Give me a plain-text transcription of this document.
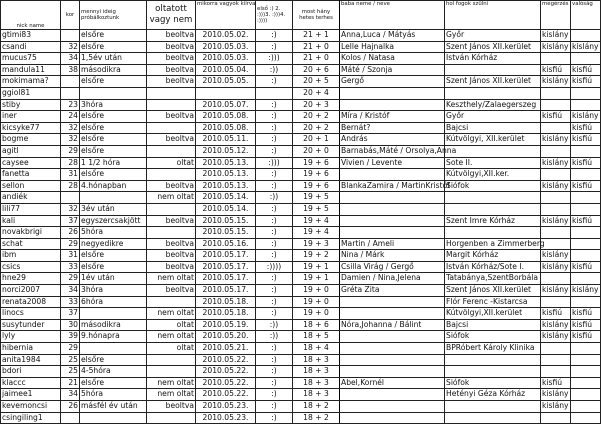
nick name	kor	mennyi ideig próbálkoztunk	oltatott vagy nem	mikorra vagyok kiírva	első :) 2. :)))3. :)))4. :))))	most hány hetes terhes	baba neme / neve	hol fogok szülni	megérzés	valóság
gtimi83		elsőre	beoltva	2010.05.02.	:)	21 + 1	Anna,Luca / Mátyás	Győr	kislány	
csandi	32	elsőre	beoltva	2010.05.03.	:)	21 + 0	Lelle Hajnalka	Szent János XII.kerület	kislány	kislány
mucus75	34	1,5év után	beoltva	2010.05.03.	:)))	21 + 0	Kolos / Natasa	István Kórház		
mandula11	38	másodikra	beoltva	2010.05.04.	:))	20 + 6	Máté / Szonja		kisfiú	kisfiú
mokimama?		elsőre	beoltva	2010.05.05.	:)	20 + 5	Gergő	Szent János XII.kerület	kislány	kisfiú
ggiol81						20 + 4				
stiby	23	3hóra		2010.05.07.	:)	20 + 3		Keszthely/Zalaegerszeg		
iner	24	elsőre	beoltva	2010.05.08.	:)	20 + 2	Míra / Kristóf	Győr	kisfiú	kislány
kicsyke77	32	elsőre		2010.05.08.	:)	20 + 2	Bernát?	Bajcsi		kisfiú
bogme	32	elsőre	beoltva	2010.05.11.	:)	20 + 1	András	Kútvölgyi, XII.kerület	kislány	kisfiú
agitl	29	elsőre		2010.05.12.	:)	20 + 0	Barnabás,Máté / Orsolya,Anna			
caysee	28	1 1/2 hóra	oltat	2010.05.13.	:)))	19 + 6	Vivien / Levente	Sote II.	kislány	kisfiú
fanetta	31	elsőre		2010.05.13.	:)	19 + 6		Kútvölgyi,XII.ker.		
sellon	28	4.hónapban	beoltva	2010.05.13.	:)	19 + 6	BlankaZamira / MartinKristóf	Siófok	kislány	kisfiú
andiék			nem oltat	2010.05.14.	:))	19 + 5				
lili77	32	3év után		2010.05.14.	:)	19 + 5				
kali	37	egyszercsakjött	beoltva	2010.05.15.	:)	19 + 4		Szent Imre Kórház	kislány	kisfiú
novakbrigi	26	5hóra		2010.05.15.	:)	19 + 4				
schat	29	negyedikre	beoltva	2010.05.16.	:)	19 + 3	Martin / Ameli	Horgenben a Zimmerberg		
ibm	31	elsőre	beoltva	2010.05.17.	:)	19 + 2	Nina / Márk	Margit Kórház	kislány	
csics	33	elsőre	beoltva	2010.05.17.	:))))	19 + 1	Csilla Virág / Gergő	István Kórház/Sote I.	kislány	kisfiú
hne29	29	1év után	nem oltat	2010.05.17.	:)	19 + 1	Damien / Nina,Jelena	Tatabánya,SzentBorbála		
norci2007	34	3hóra	beoltva	2010.05.17.	:)	19 + 0	Gréta Zita	Szent János XII.kerület	kislány	kislány
renata2008	33	6hóra		2010.05.18.	:)	19 + 0		Flór Ferenc -Kistarcsa		
linocs	37		nem oltat	2010.05.18.	:)	19 + 0		Kútvölgyi,XII.kerület	kisfiú	kisfiú
susytunder	30	másodikra	oltat	2010.05.19.	:))	18 + 6	Nóra,Johanna / Bálint	Bajcsi	kislány	kisfiú
lyly	39	9.hónapra	nem oltat	2010.05.20.	:))	18 + 5		Siófok	kislány	kisfiú
hibernia	29		oltat	2010.05.21.	:)	18 + 4		BPRóbert Károly Klinika		
anita1984	25	elsőre		2010.05.22.	:)	18 + 3				
bdori	25	4-5hóra		2010.05.22.	:)	18 + 3				
klaccc	21	elsőre	nem oltat	2010.05.22.	:)	18 + 3	Abel,Kornél	Siófok	kisfiú	
jaimee1	34	5hóra	nem oltat	2010.05.22.	:)	18 + 3		Hetényi Géza Kórház	kislány	
kevemoncsi	26	másfél év után	beoltva	2010.05.23.	:)	18 + 2			kislány	
csingiling1				2010.05.23.	:)	18 + 2				
